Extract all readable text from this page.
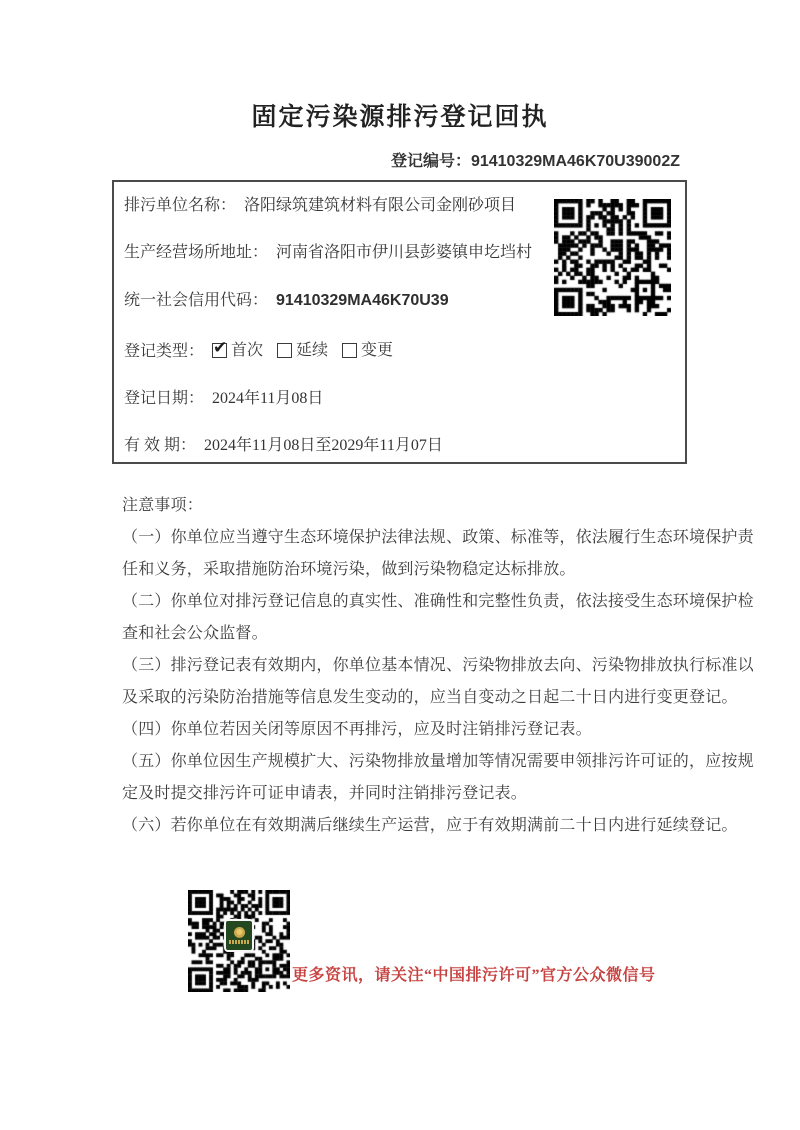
固定污染源排污登记回执
登记编号：91410329MA46K70U39002Z
排污单位名称： 洛阳绿筑建筑材料有限公司金刚砂项目
生产经营场所地址： 河南省洛阳市伊川县彭婆镇申圪垱村
统一社会信用代码： 91410329MA46K70U39
登记类型： ✔ 首次 延续 变更
登记日期： 2024年11月08日
有 效 期： 2024年11月08日至2029年11月07日
注意事项：
（一）你单位应当遵守生态环境保护法律法规、政策、标准等，依法履行生态环境保护责
任和义务，采取措施防治环境污染，做到污染物稳定达标排放。
（二）你单位对排污登记信息的真实性、准确性和完整性负责，依法接受生态环境保护检
查和社会公众监督。
（三）排污登记表有效期内，你单位基本情况、污染物排放去向、污染物排放执行标准以
及采取的污染防治措施等信息发生变动的，应当自变动之日起二十日内进行变更登记。
（四）你单位若因关闭等原因不再排污，应及时注销排污登记表。
（五）你单位因生产规模扩大、污染物排放量增加等情况需要申领排污许可证的，应按规
定及时提交排污许可证申请表，并同时注销排污登记表。
（六）若你单位在有效期满后继续生产运营，应于有效期满前二十日内进行延续登记。
更多资讯，请关注“中国排污许可”官方公众微信号
